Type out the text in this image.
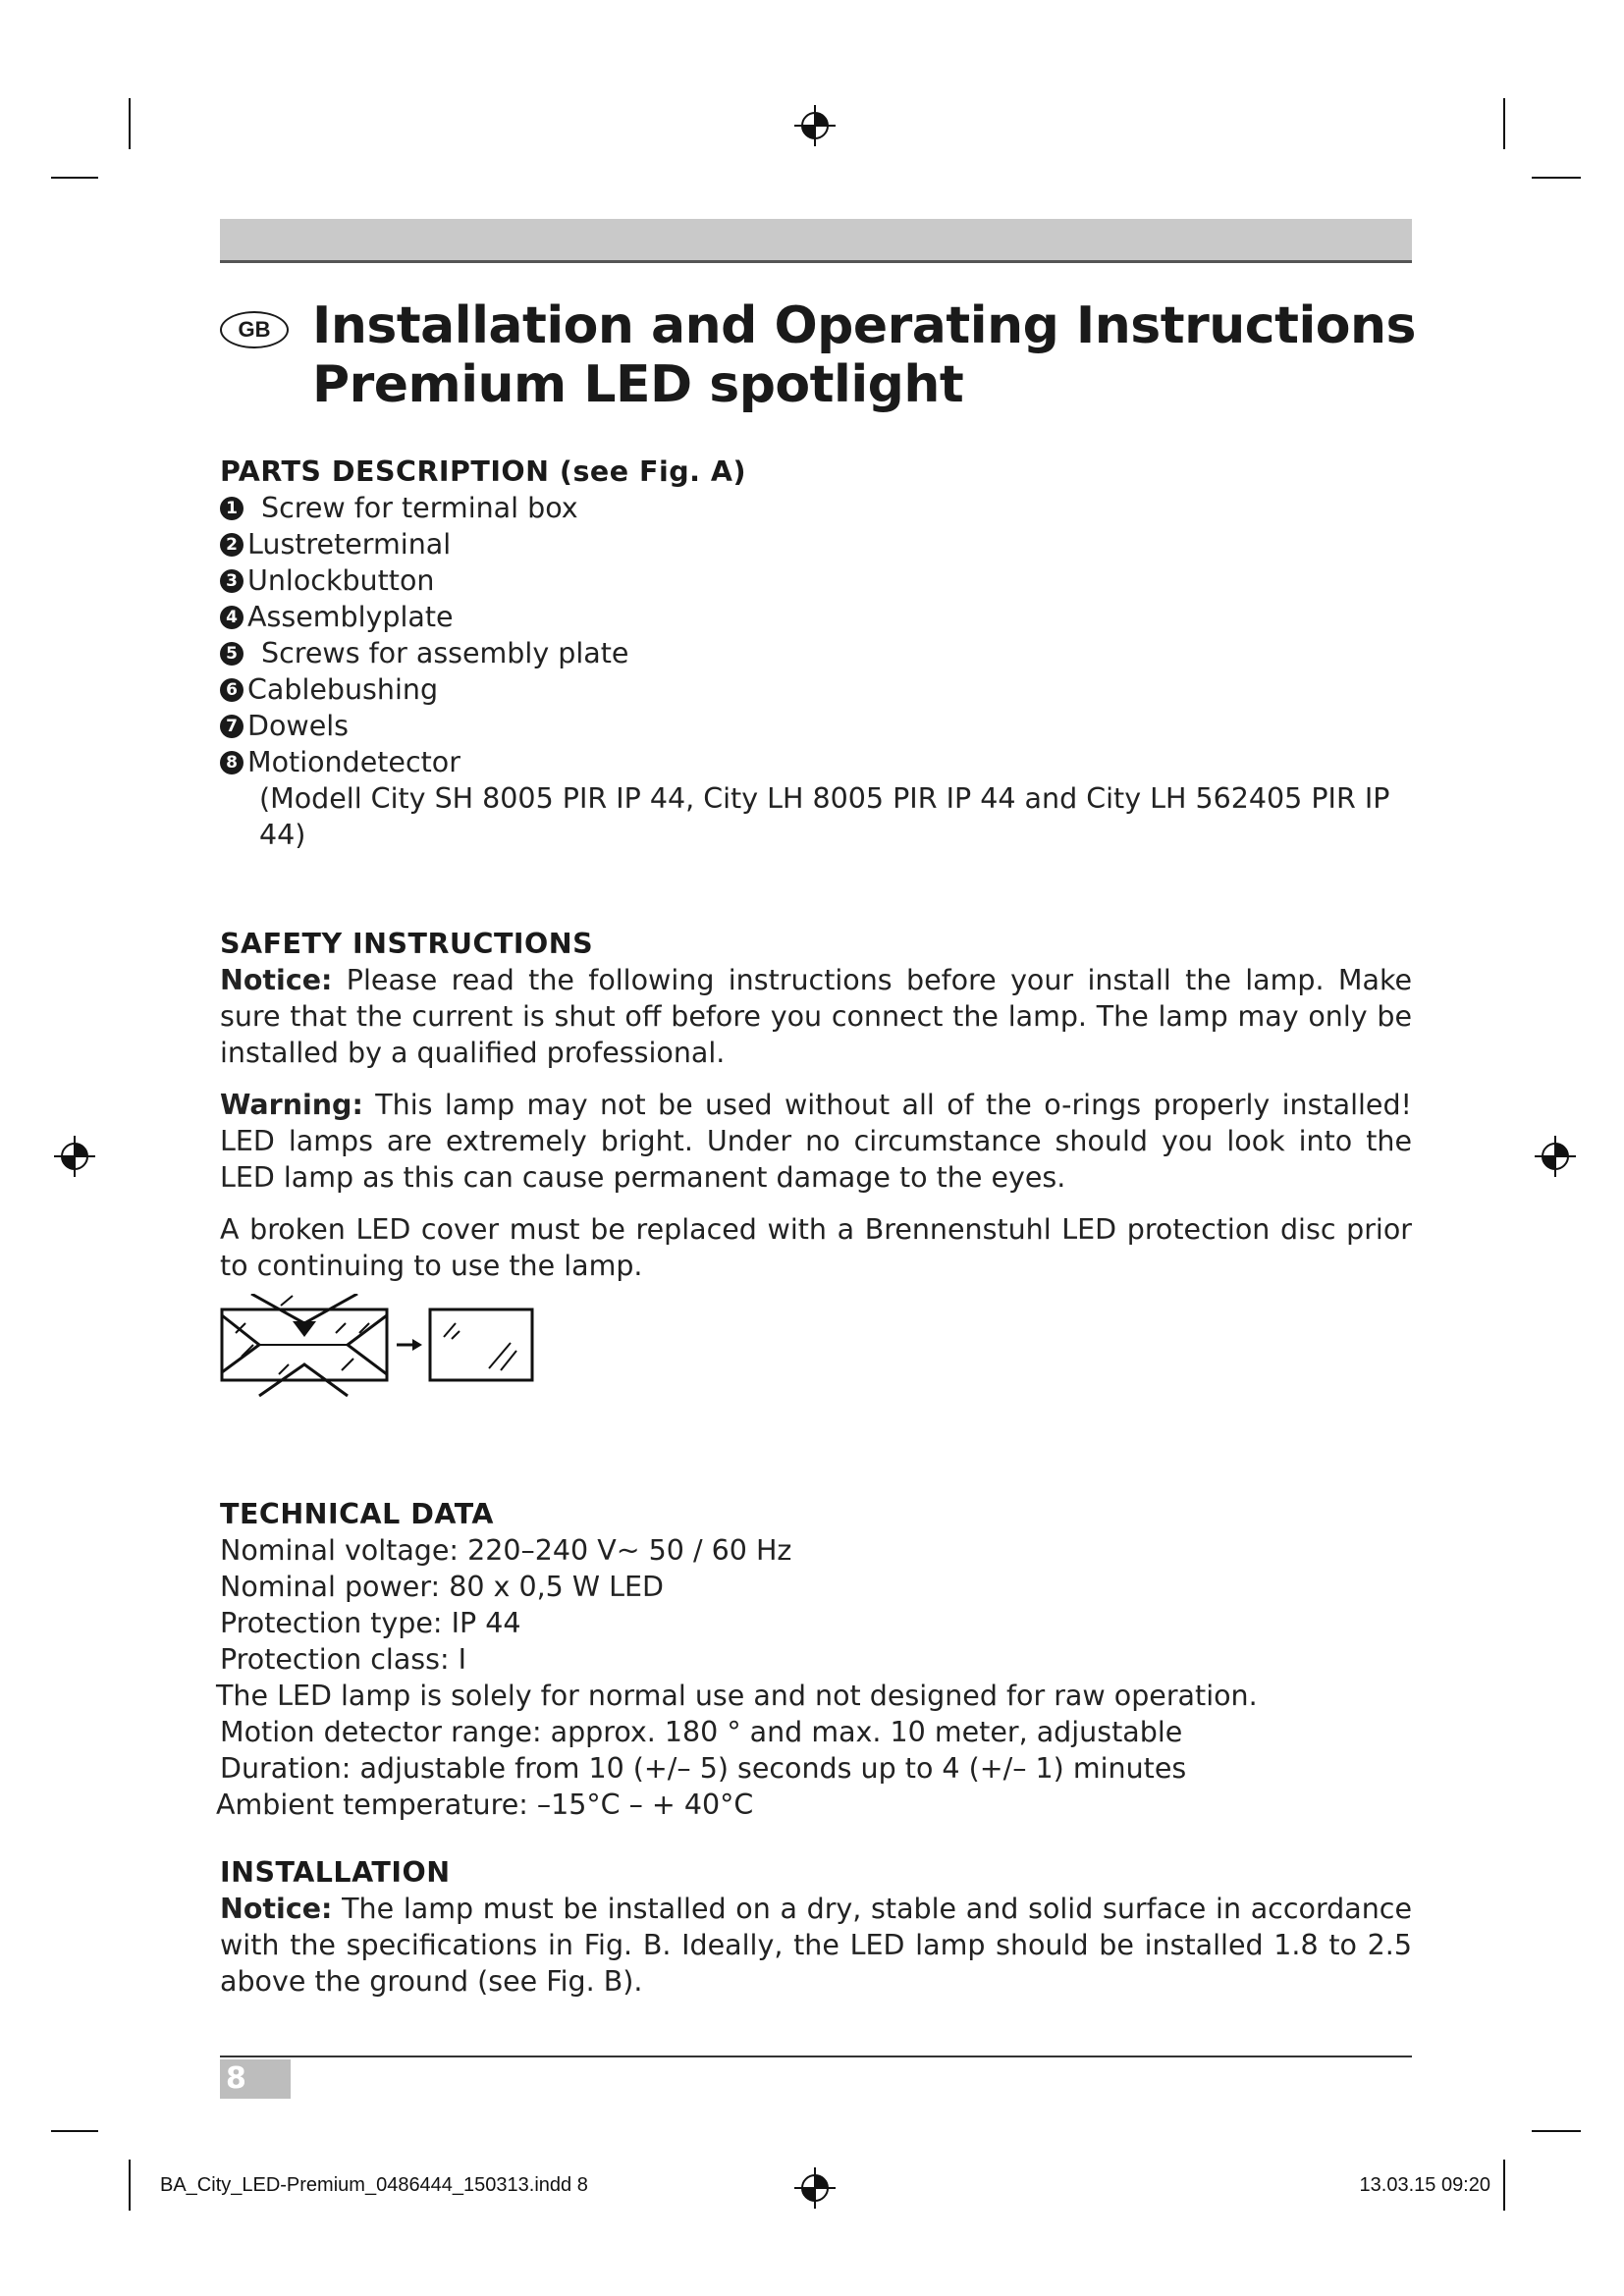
GB Installation and Operating Instructions
Premium LED spotlight
PARTS DESCRIPTION (see Fig. A)
1 Screw for terminal box
2 Lustreterminal
3 Unlockbutton
4 Assemblyplate
5 Screws for assembly plate
6 Cablebushing
7 Dowels
8 Motiondetector
(Modell City SH 8005 PIR IP 44, City LH 8005 PIR IP 44 and City LH 562405 PIR IP 44)
SAFETY INSTRUCTIONS

Notice: Please read the following instructions before your install the lamp. Make sure that the current is shut off before you connect the lamp. The lamp may only be installed by a qualified professional.

Warning: This lamp may not be used without all of the o-rings properly installed! LED lamps are extremely bright. Under no circumstance should you look into the LED lamp as this can cause permanent damage to the eyes.

A broken LED cover must be replaced with a Brennenstuhl LED protection disc prior to continuing to use the lamp.

TECHNICAL DATA
Nominal voltage: 220–240 V~ 50 / 60 Hz
Nominal power: 80 x 0,5 W LED
Protection type: IP 44
Protection class: I
The LED lamp is solely for normal use and not designed for raw operation.
Motion detector range: approx. 180 ° and max. 10 meter, adjustable
Duration: adjustable from 10 (+/– 5) seconds up to 4 (+/– 1) minutes
Ambient temperature: –15°C – + 40°C
INSTALLATION

Notice: The lamp must be installed on a dry, stable and solid surface in accordance with the specifications in Fig. B. Ideally, the LED lamp should be installed 1.8 to 2.5 above the ground (see Fig. B).

8
BA_City_LED-Premium_0486444_150313.indd 8	13.03.15 09:20
